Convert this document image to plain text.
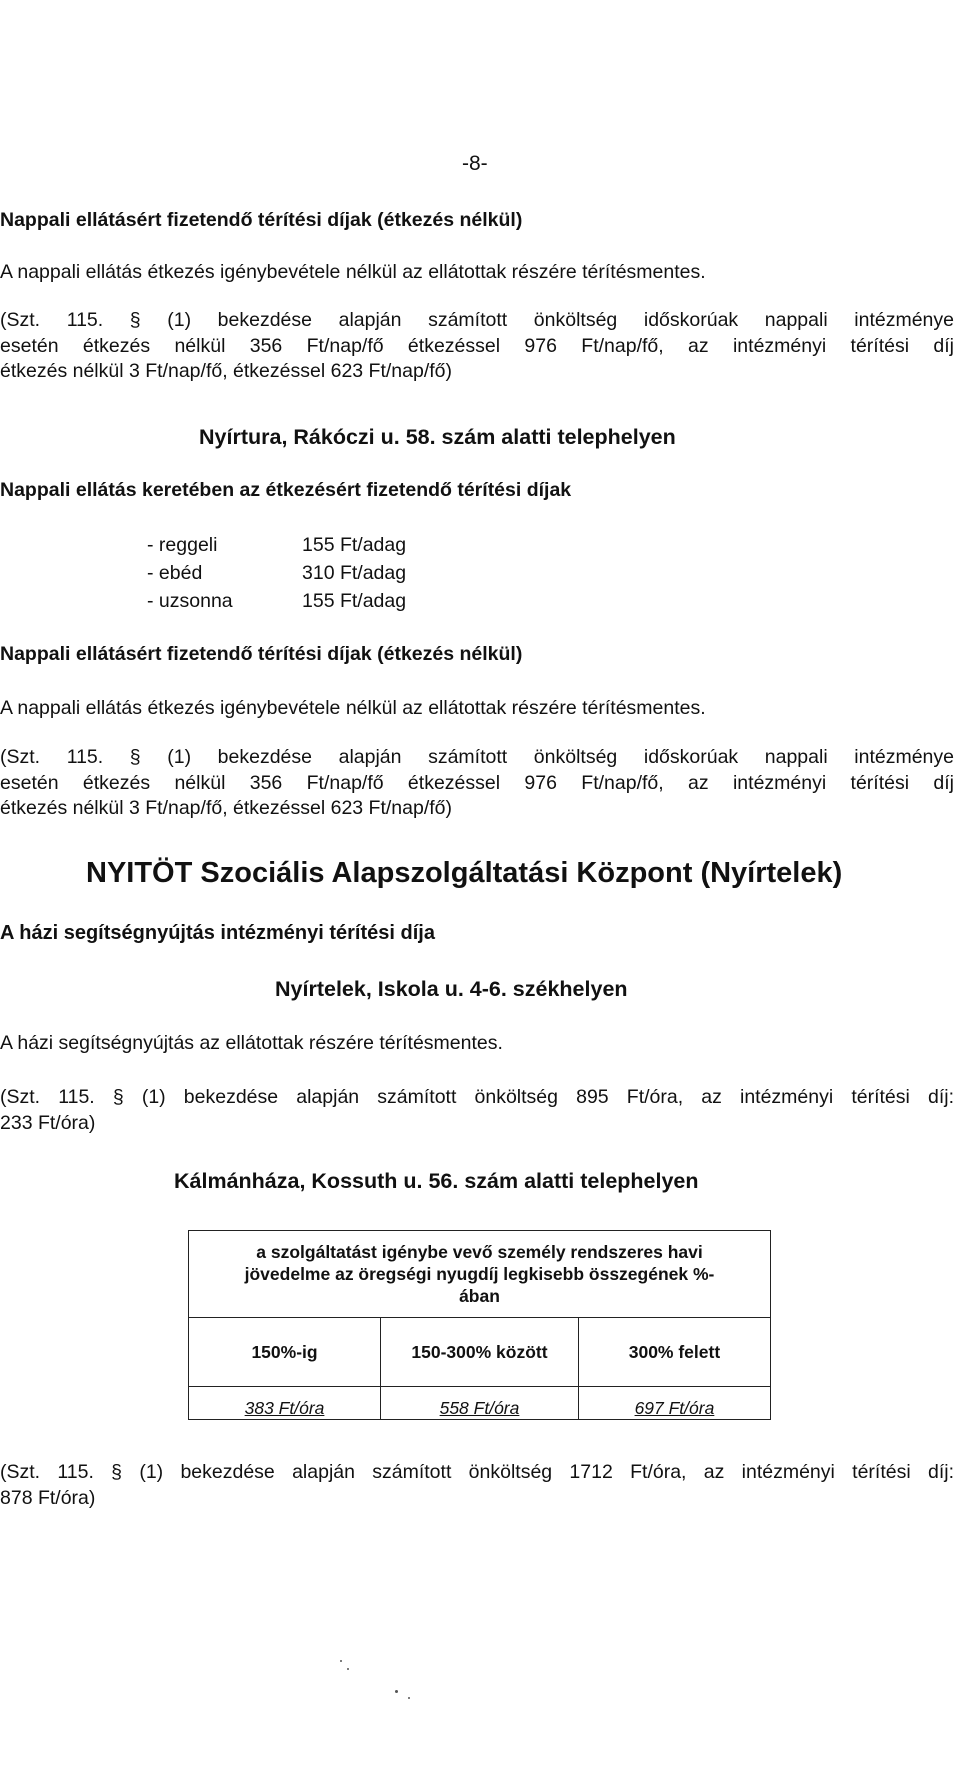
-8-
Nappali ellátásért fizetendő térítési díjak (étkezés nélkül)
A nappali ellátás étkezés igénybevétele nélkül az ellátottak részére térítésmentes.
(Szt. 115. § (1) bekezdése alapján számított önköltség időskorúak nappali intézménye
esetén étkezés nélkül 356 Ft/nap/fő étkezéssel 976 Ft/nap/fő, az intézményi térítési díj
étkezés nélkül 3 Ft/nap/fő, étkezéssel 623 Ft/nap/fő)
Nyírtura, Rákóczi u. 58. szám alatti telephelyen
Nappali ellátás keretében az étkezésért fizetendő térítési díjak
- reggeli	155 Ft/adag
- ebéd	310 Ft/adag
- uzsonna	155 Ft/adag
Nappali ellátásért fizetendő térítési díjak (étkezés nélkül)
A nappali ellátás étkezés igénybevétele nélkül az ellátottak részére térítésmentes.
(Szt. 115. § (1) bekezdése alapján számított önköltség időskorúak nappali intézménye
esetén étkezés nélkül 356 Ft/nap/fő étkezéssel 976 Ft/nap/fő, az intézményi térítési díj
étkezés nélkül 3 Ft/nap/fő, étkezéssel 623 Ft/nap/fő)
NYITÖT Szociális Alapszolgáltatási Központ (Nyírtelek)
A házi segítségnyújtás intézményi térítési díja
Nyírtelek, Iskola u. 4-6. székhelyen
A házi segítségnyújtás az ellátottak részére térítésmentes.
(Szt. 115. § (1) bekezdése alapján számított önköltség 895 Ft/óra, az intézményi térítési díj:
233 Ft/óra)
Kálmánháza, Kossuth u. 56. szám alatti telephelyen
a szolgáltatást igénybe vevő személy rendszeres havi
jövedelme az öregségi nyugdíj legkisebb összegének %-
ában		

150%-ig	150-300% között	300% felett
383 Ft/óra	558 Ft/óra	697 Ft/óra
(Szt. 115. § (1) bekezdése alapján számított önköltség 1712 Ft/óra, az intézményi térítési díj:
878 Ft/óra)
